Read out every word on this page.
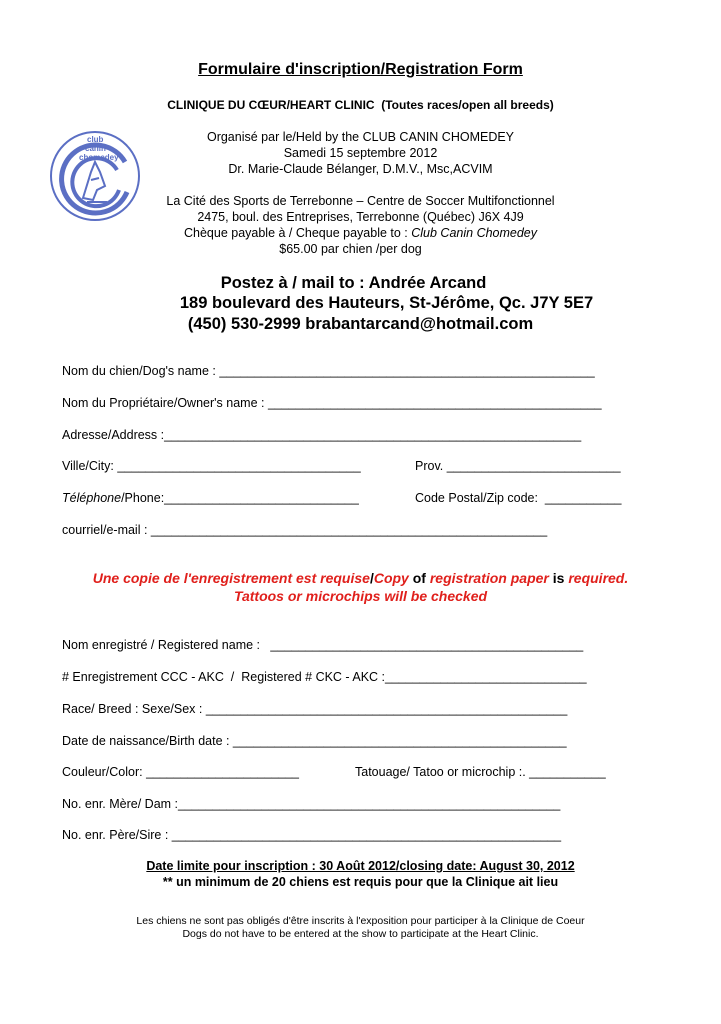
Formulaire d'inscription/Registration Form
CLINIQUE DU CŒUR/HEART CLINIC  (Toutes races/open all breeds)
club
canin
chomedey
Organisé par le/Held by the CLUB CANIN CHOMEDEY
Samedi 15 septembre 2012
Dr. Marie-Claude Bélanger, D.M.V., Msc,ACVIM
La Cité des Sports de Terrebonne – Centre de Soccer Multifonctionnel
2475, boul. des Entreprises, Terrebonne (Québec) J6X 4J9
Chèque payable à / Cheque payable to : Club Canin Chomedey
$65.00 par chien /per dog
Postez à / mail to : Andrée Arcand
189 boulevard des Hauteurs, St-Jérôme, Qc. J7Y 5E7
(450) 530-2999 brabantarcand@hotmail.com
Nom du chien/Dog's name : ______________________________________________________
Nom du Propriétaire/Owner's name : ________________________________________________
Adresse/Address :____________________________________________________________
Ville/City: ___________________________________	Prov. _________________________
Téléphone/Phone:____________________________	Code Postal/Zip code:  ___________
courriel/e-mail : _________________________________________________________
Une copie de l'enregistrement est requise/Copy of registration paper is required.
Tattoos or microchips will be checked
Nom enregistré / Registered name :   _____________________________________________
# Enregistrement CCC - AKC  /  Registered # CKC - AKC :_____________________________
Race/ Breed : Sexe/Sex : ____________________________________________________
Date de naissance/Birth date : ________________________________________________
Couleur/Color: ______________________	Tatouage/ Tatoo or microchip :. ___________
No. enr. Mère/ Dam :_______________________________________________________
No. enr. Père/Sire : ________________________________________________________
Date limite pour inscription : 30 Août 2012/closing date: August 30, 2012
** un minimum de 20 chiens est requis pour que la Clinique ait lieu
Les chiens ne sont pas obligés d'être inscrits à l'exposition pour participer à la Clinique de Coeur
Dogs do not have to be entered at the show to participate at the Heart Clinic.
